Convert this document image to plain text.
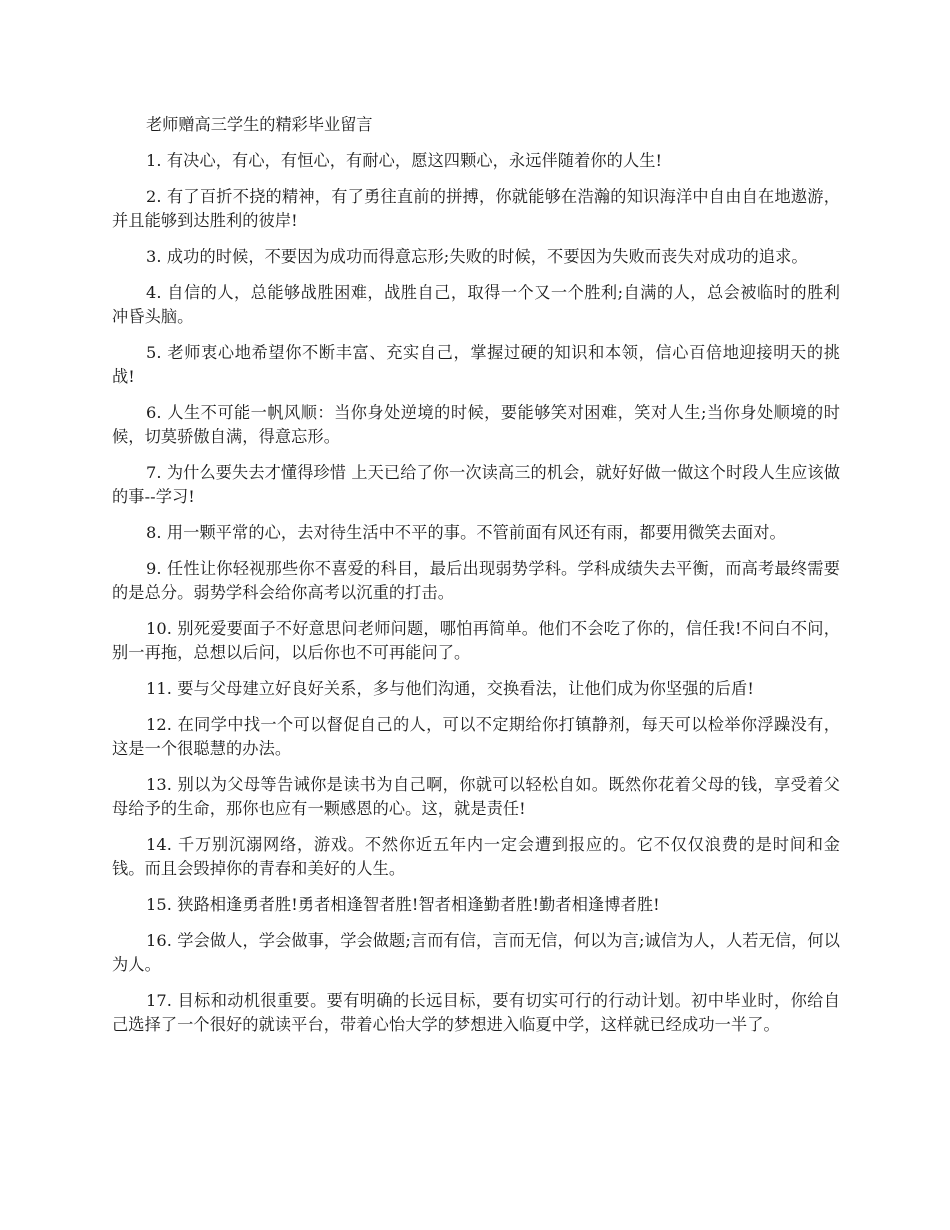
老师赠高三学生的精彩毕业留言

1. 有决心，有心，有恒心，有耐心，愿这四颗心，永远伴随着你的人生!

2. 有了百折不挠的精神，有了勇往直前的拼搏，你就能够在浩瀚的知识海洋中自由自在地遨游，并且能够到达胜利的彼岸!

3. 成功的时候，不要因为成功而得意忘形;失败的时候，不要因为失败而丧失对成功的追求。

4. 自信的人，总能够战胜困难，战胜自己，取得一个又一个胜利;自满的人，总会被临时的胜利冲昏头脑。

5. 老师衷心地希望你不断丰富、充实自己，掌握过硬的知识和本领，信心百倍地迎接明天的挑战!

6. 人生不可能一帆风顺：当你身处逆境的时候，要能够笑对困难，笑对人生;当你身处顺境的时候，切莫骄傲自满，得意忘形。

7. 为什么要失去才懂得珍惜 上天已给了你一次读高三的机会，就好好做一做这个时段人生应该做的事--学习!

8. 用一颗平常的心，去对待生活中不平的事。不管前面有风还有雨，都要用微笑去面对。

9. 任性让你轻视那些你不喜爱的科目，最后出现弱势学科。学科成绩失去平衡，而高考最终需要的是总分。弱势学科会给你高考以沉重的打击。

10. 别死爱要面子不好意思问老师问题，哪怕再简单。他们不会吃了你的，信任我!不问白不问，别一再拖，总想以后问，以后你也不可再能问了。

11. 要与父母建立好良好关系，多与他们沟通，交换看法，让他们成为你坚强的后盾!

12. 在同学中找一个可以督促自己的人，可以不定期给你打镇静剂，每天可以检举你浮躁没有，这是一个很聪慧的办法。

13. 别以为父母等告诫你是读书为自己啊，你就可以轻松自如。既然你花着父母的钱，享受着父母给予的生命，那你也应有一颗感恩的心。这，就是责任!

14. 千万别沉溺网络，游戏。不然你近五年内一定会遭到报应的。它不仅仅浪费的是时间和金钱。而且会毁掉你的青春和美好的人生。

15. 狭路相逢勇者胜!勇者相逢智者胜!智者相逢勤者胜!勤者相逢博者胜!

16. 学会做人，学会做事，学会做题;言而有信，言而无信，何以为言;诚信为人，人若无信，何以为人。

17. 目标和动机很重要。要有明确的长远目标，要有切实可行的行动计划。初中毕业时，你给自己选择了一个很好的就读平台，带着心怡大学的梦想进入临夏中学，这样就已经成功一半了。
